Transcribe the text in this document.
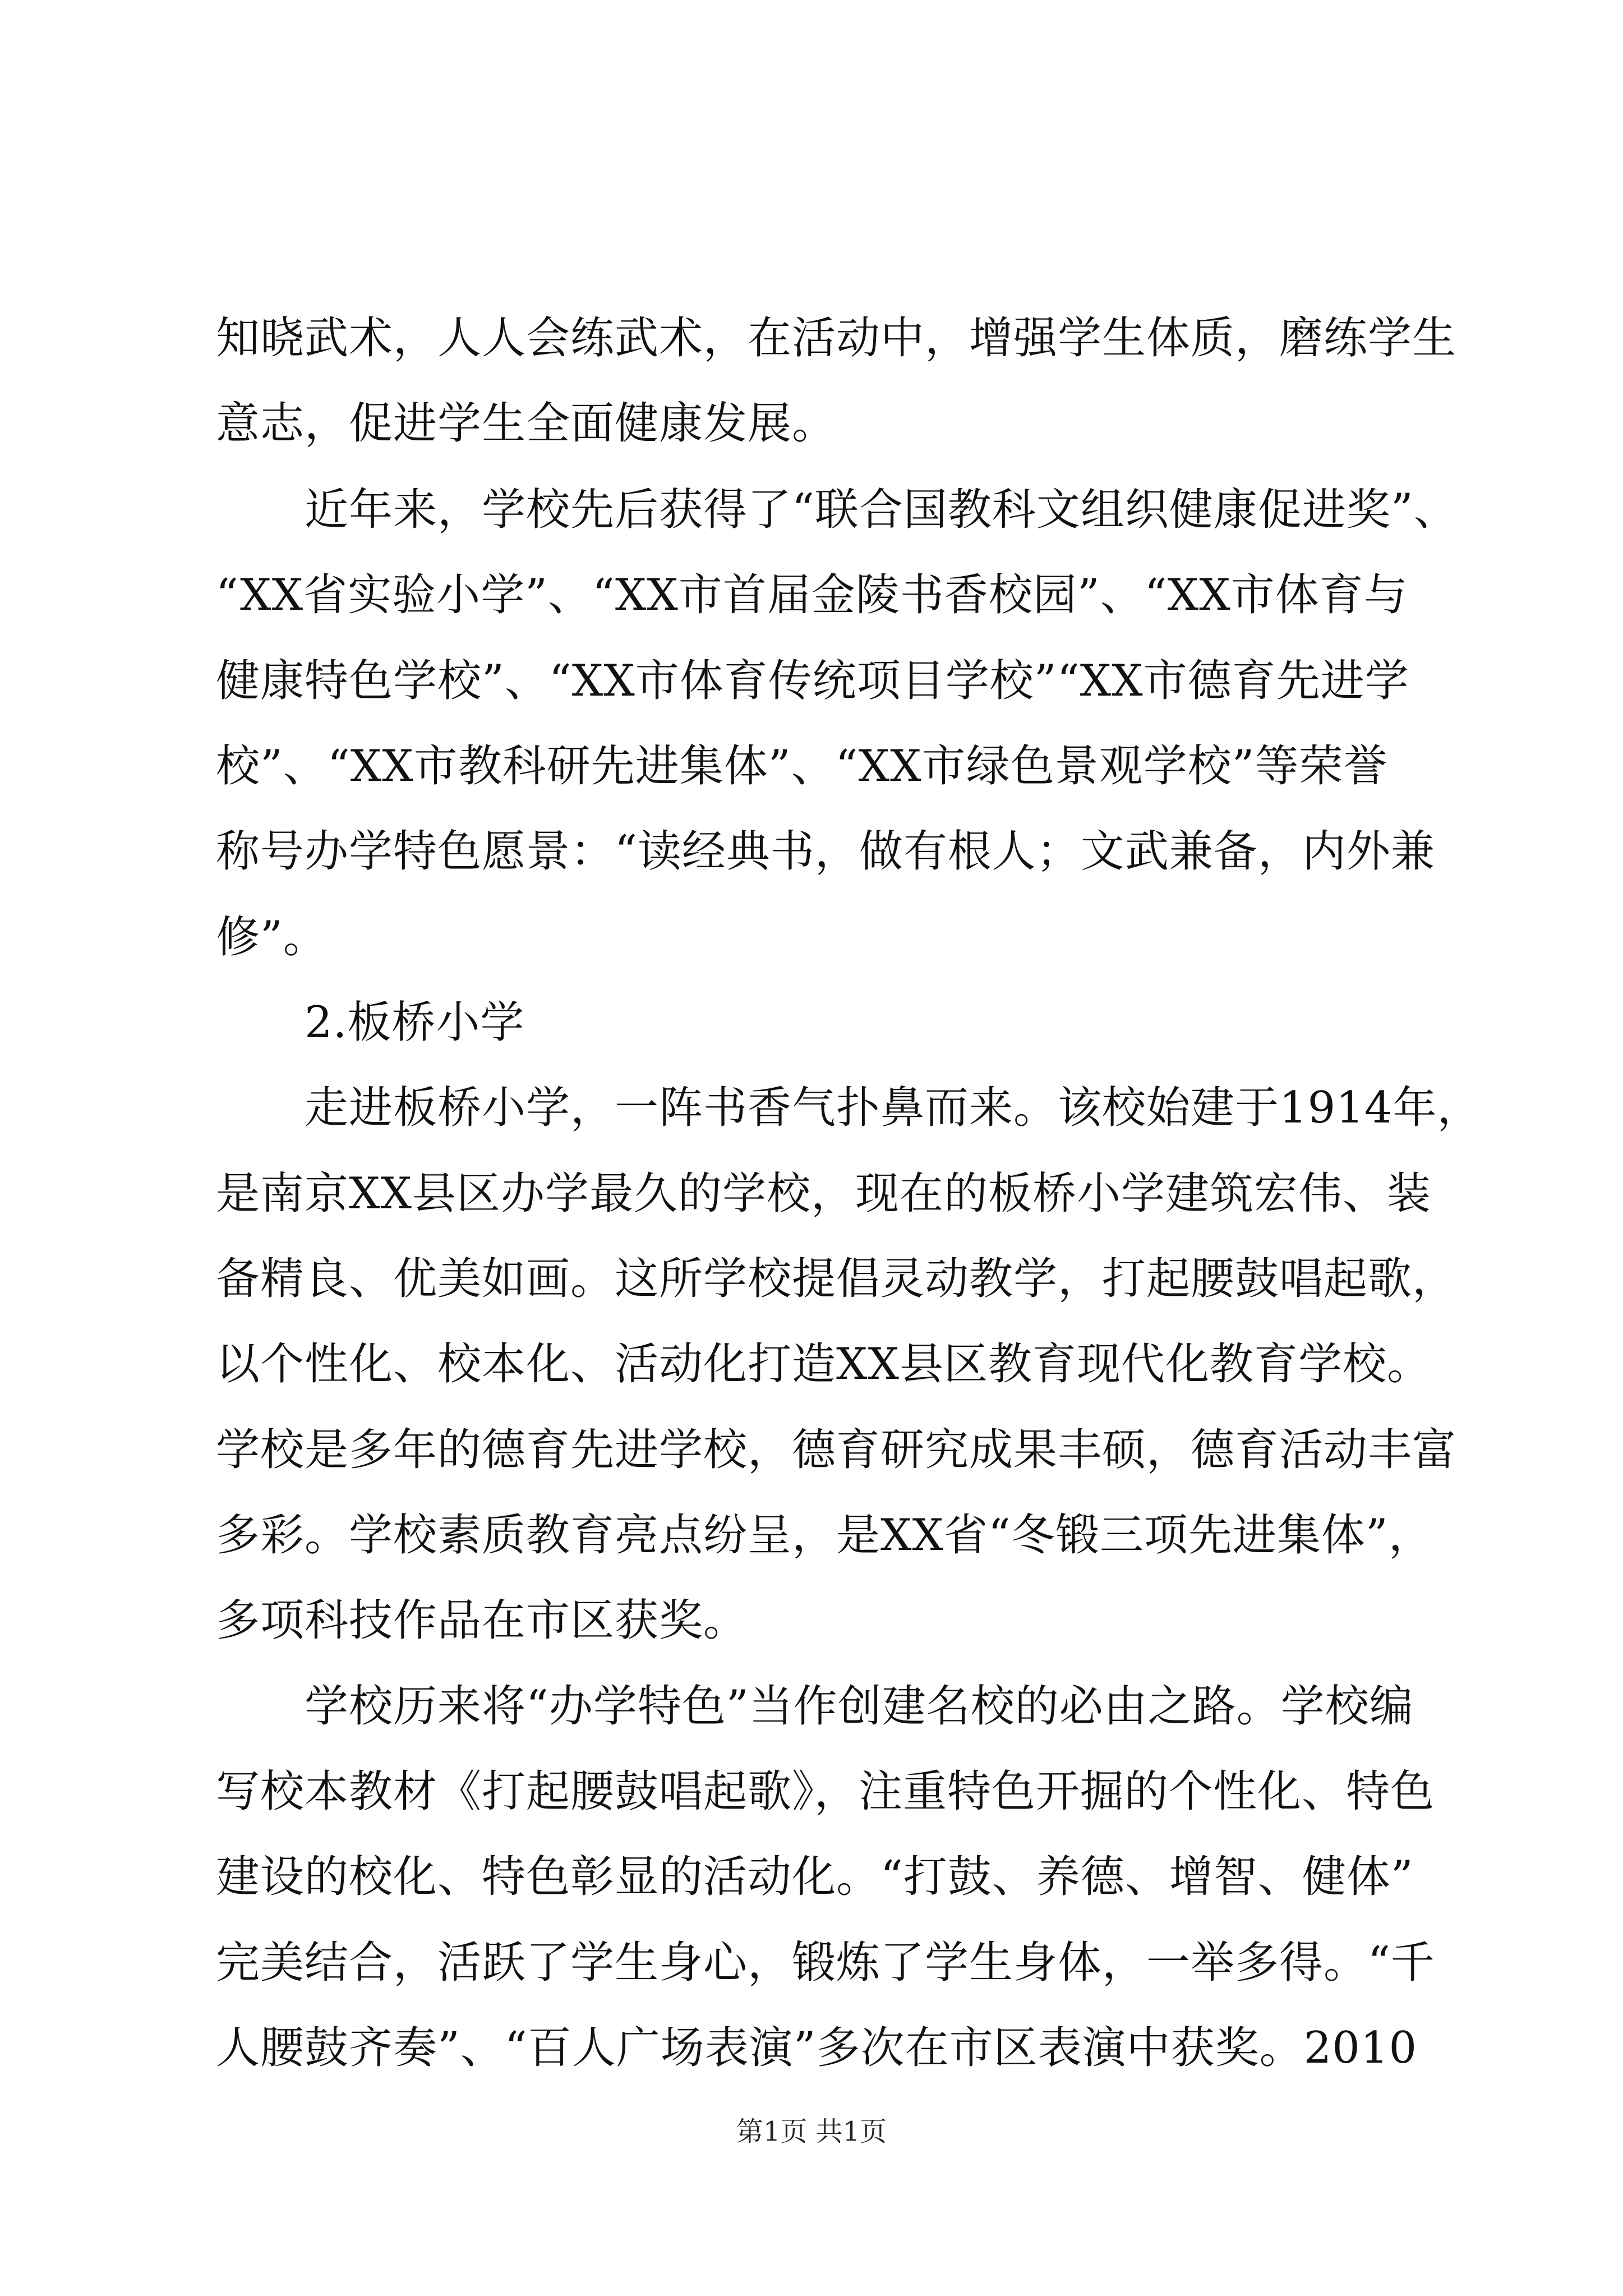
知晓武术，人人会练武术，在活动中，增强学生体质，磨练学生
意志，促进学生全面健康发展。
近年来，学校先后获得了“联合国教科文组织健康促进奖”、
“XX省实验小学”、“XX市首届金陵书香校园”、“XX市体育与
健康特色学校”、“XX市体育传统项目学校”“XX市德育先进学
校”、“XX市教科研先进集体”、“XX市绿色景观学校”等荣誉
称号办学特色愿景：“读经典书，做有根人；文武兼备，内外兼
修”。
2.板桥小学
走进板桥小学，一阵书香气扑鼻而来。该校始建于1914年，
是南京XX县区办学最久的学校，现在的板桥小学建筑宏伟、装
备精良、优美如画。这所学校提倡灵动教学，打起腰鼓唱起歌，
以个性化、校本化、活动化打造XX县区教育现代化教育学校。
学校是多年的德育先进学校，德育研究成果丰硕，德育活动丰富
多彩。学校素质教育亮点纷呈，是XX省“冬锻三项先进集体”，
多项科技作品在市区获奖。
学校历来将“办学特色”当作创建名校的必由之路。学校编
写校本教材《打起腰鼓唱起歌》，注重特色开掘的个性化、特色
建设的校化、特色彰显的活动化。“打鼓、养德、增智、健体”
完美结合，活跃了学生身心，锻炼了学生身体，一举多得。“千
人腰鼓齐奏”、“百人广场表演”多次在市区表演中获奖。2010
第1页 共1页
